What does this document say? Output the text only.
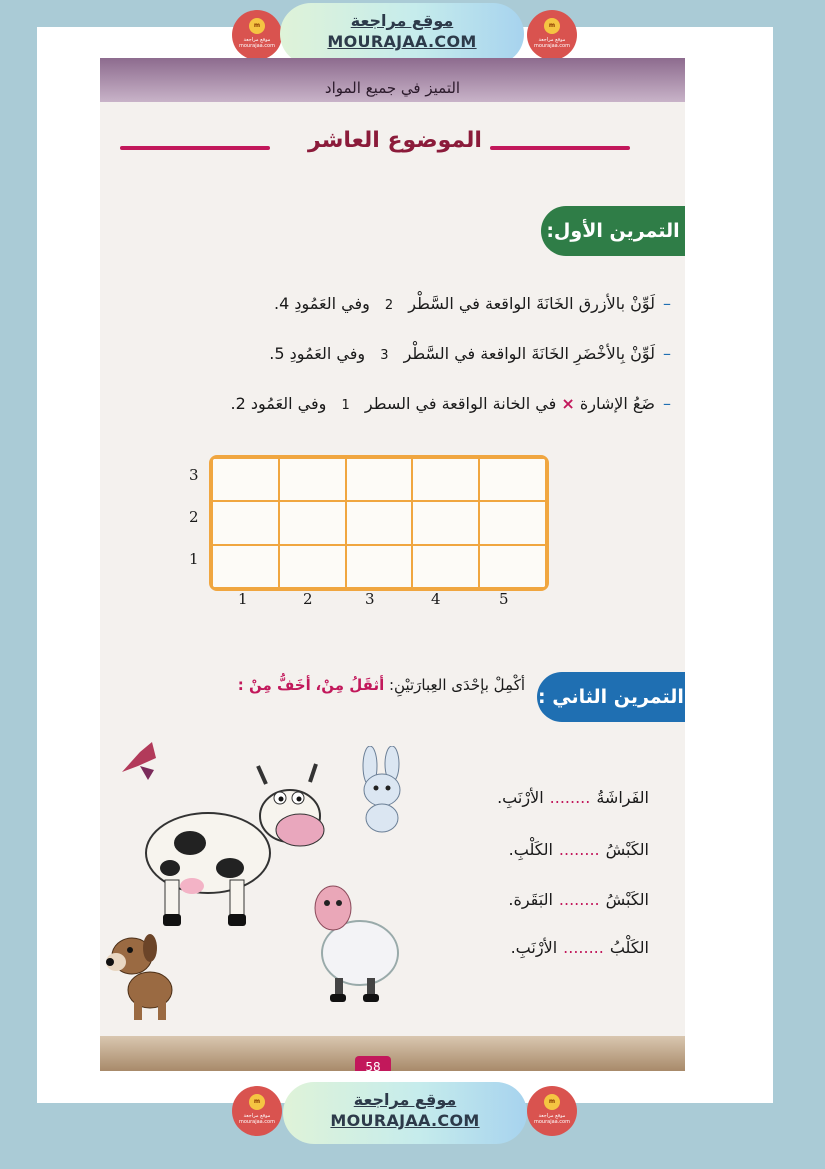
m
موقع مراجعة
mourajaa.com
موقع مراجعة
MOURAJAA.COM
m
موقع مراجعة
mourajaa.com
التميز في جميع المواد
الموضوع العاشر
التمرين الأول:
–لَوِّنْ بالأزرق الخَانَةَ الواقعة في السَّطْر 2 وفي العَمُودِ 4.
–لَوِّنْ بِالأخْضَرِ الخَانَةَ الواقعة في السَّطْر 3 وفي العَمُودِ 5.
–ضَعُ الإشارة × في الخانة الواقعة في السطر 1 وفي العَمُود 2.
3
2
1
1	2	3	4	5
التمرين الثاني :
أكْمِلْ بإحْدَى العِبارَتيْنِ: أثقَلُ مِنْ، أخَفُّ مِنْ :
الفَراشَةُ........الأرْنَبِ.
الكَبْشُ........الكَلْبِ.
الكَبْشُ........البَقَرة.
الكَلْبُ........الأرْنَبِ.
58
m
موقع مراجعة
mourajaa.com
موقع مراجعة
MOURAJAA.COM
m
موقع مراجعة
mourajaa.com
